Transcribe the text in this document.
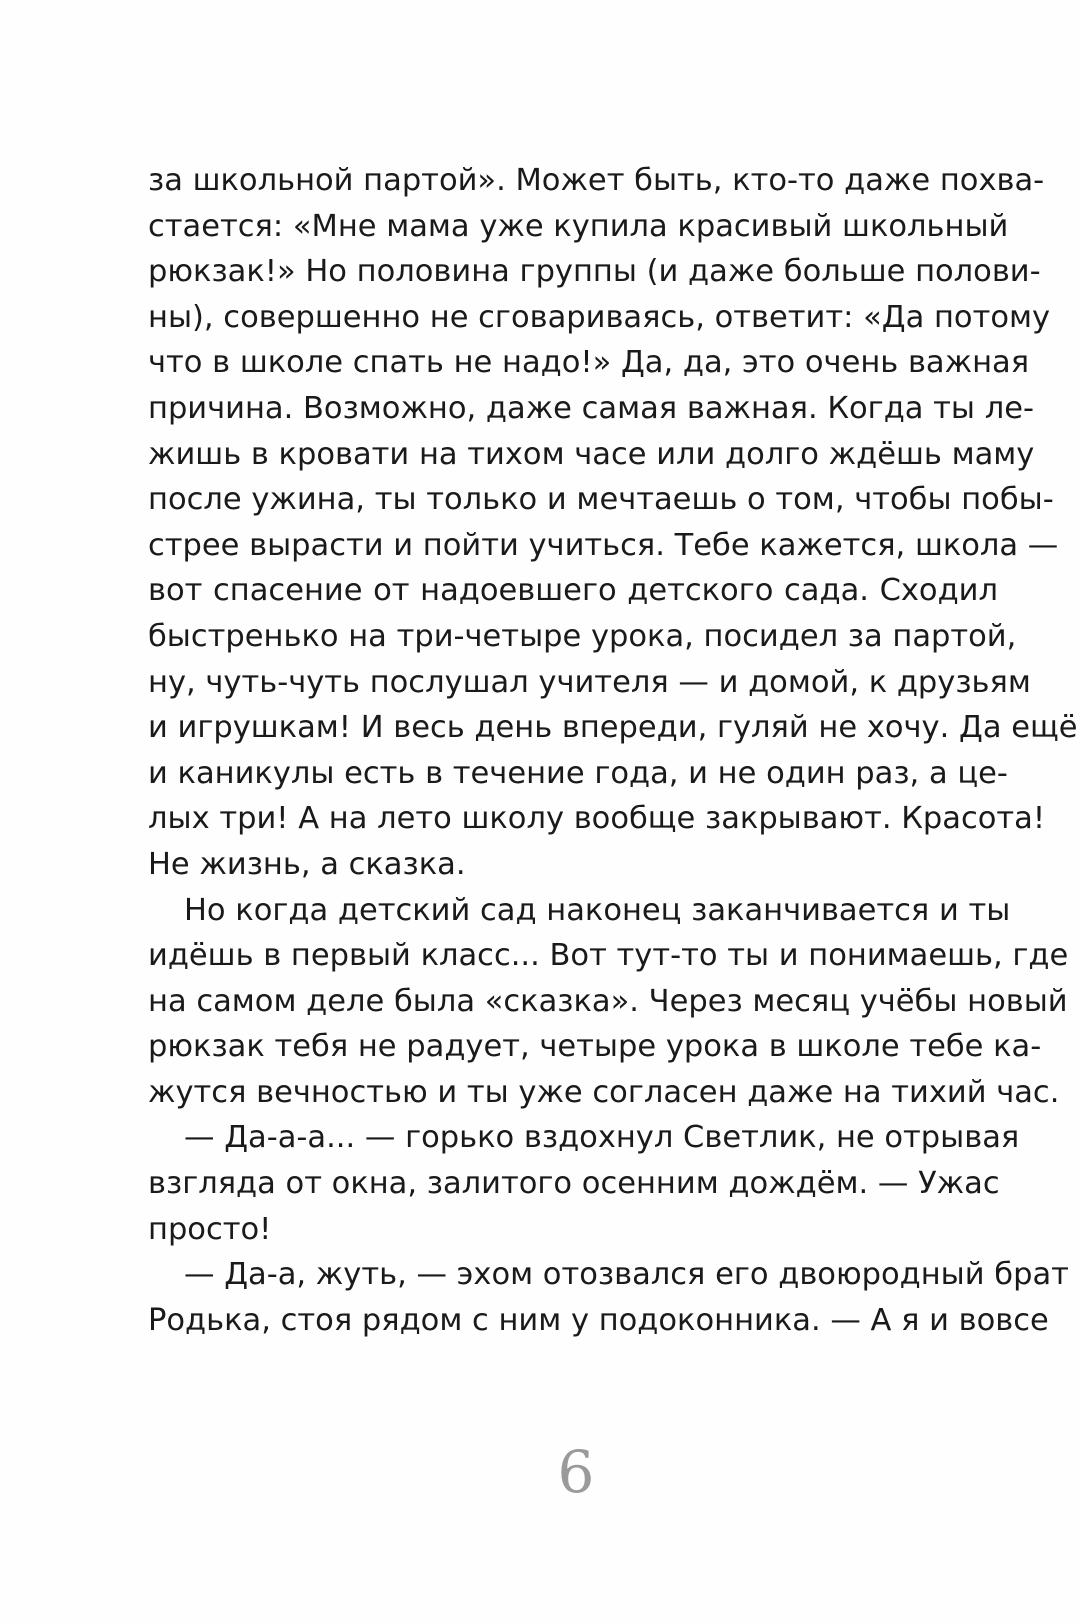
за школьной партой». Может быть, кто-то даже похва-
стается: «Мне мама уже купила красивый школьный
рюкзак!» Но половина группы (и даже больше полови-
ны), совершенно не сговариваясь, ответит: «Да потому
что в школе спать не надо!» Да, да, это очень важная
причина. Возможно, даже самая важная. Когда ты ле-
жишь в кровати на тихом часе или долго ждёшь маму
после ужина, ты только и мечтаешь о том, чтобы побы-
стрее вырасти и пойти учиться. Тебе кажется, школа —
вот спасение от надоевшего детского сада. Сходил
быстренько на три-четыре урока, посидел за партой,
ну, чуть-чуть послушал учителя — и домой, к друзьям
и игрушкам! И весь день впереди, гуляй не хочу. Да ещё
и каникулы есть в течение года, и не один раз, а це-
лых три! А на лето школу вообще закрывают. Красота!
Не жизнь, а сказка.
Но когда детский сад наконец заканчивается и ты
идёшь в первый класс... Вот тут-то ты и понимаешь, где
на самом деле была «сказка». Через месяц учёбы новый
рюкзак тебя не радует, четыре урока в школе тебе ка-
жутся вечностью и ты уже согласен даже на тихий час.
— Да-а-а... — горько вздохнул Светлик, не отрывая
взгляда от окна, залитого осенним дождём. — Ужас
просто!
— Да-а, жуть, — эхом отозвался его двоюродный брат
Родька, стоя рядом с ним у подоконника. — А я и вовсе
6
